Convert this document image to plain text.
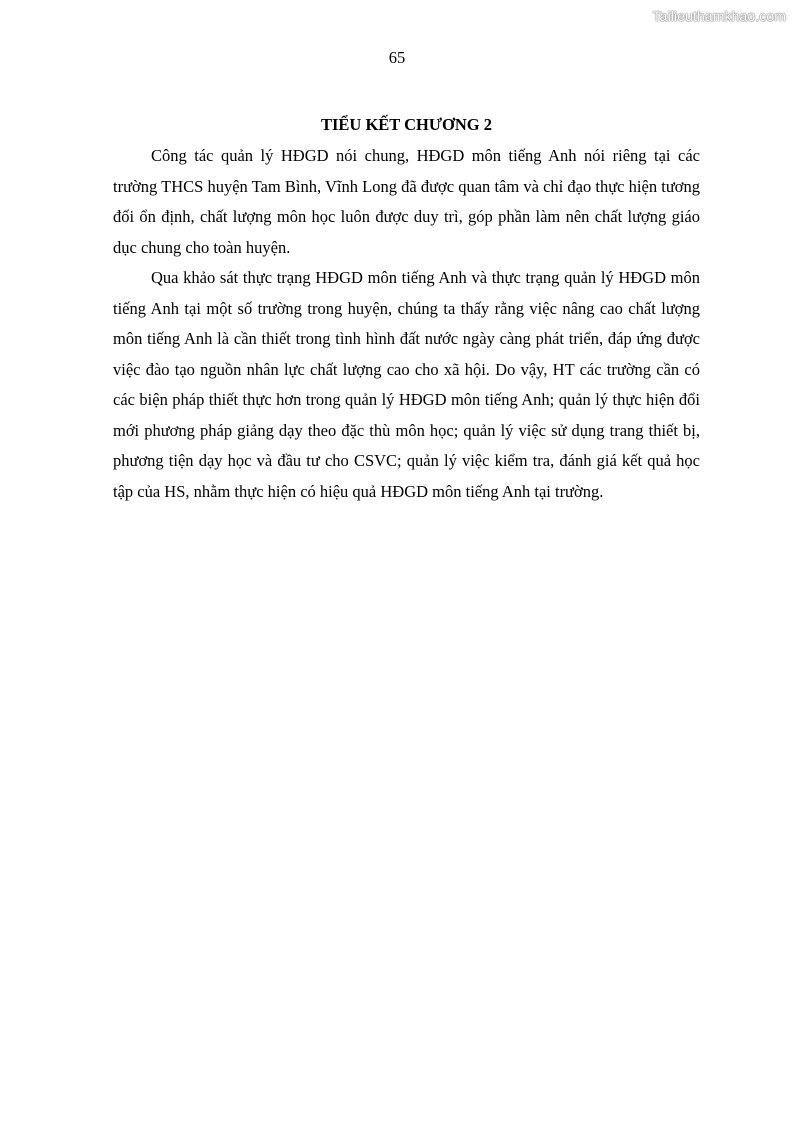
Tailieuthamkhao.com
65
TIỂU KẾT CHƯƠNG 2

Công tác quản lý HĐGD nói chung, HĐGD môn tiếng Anh nói riêng tại các trường THCS huyện Tam Bình, Vĩnh Long đã được quan tâm và chỉ đạo thực hiện tương đối ổn định, chất lượng môn học luôn được duy trì, góp phần làm nên chất lượng giáo dục chung cho toàn huyện.

Qua khảo sát thực trạng HĐGD môn tiếng Anh và thực trạng quản lý HĐGD môn tiếng Anh tại một số trường trong huyện, chúng ta thấy rằng việc nâng cao chất lượng môn tiếng Anh là cần thiết trong tình hình đất nước ngày càng phát triển, đáp ứng được việc đào tạo nguồn nhân lực chất lượng cao cho xã hội. Do vậy, HT các trường cần có các biện pháp thiết thực hơn trong quản lý HĐGD môn tiếng Anh; quản lý thực hiện đổi mới phương pháp giảng dạy theo đặc thù môn học; quản lý việc sử dụng trang thiết bị, phương tiện dạy học và đầu tư cho CSVC; quản lý việc kiểm tra, đánh giá kết quả học tập của HS, nhằm thực hiện có hiệu quả HĐGD môn tiếng Anh tại trường.
